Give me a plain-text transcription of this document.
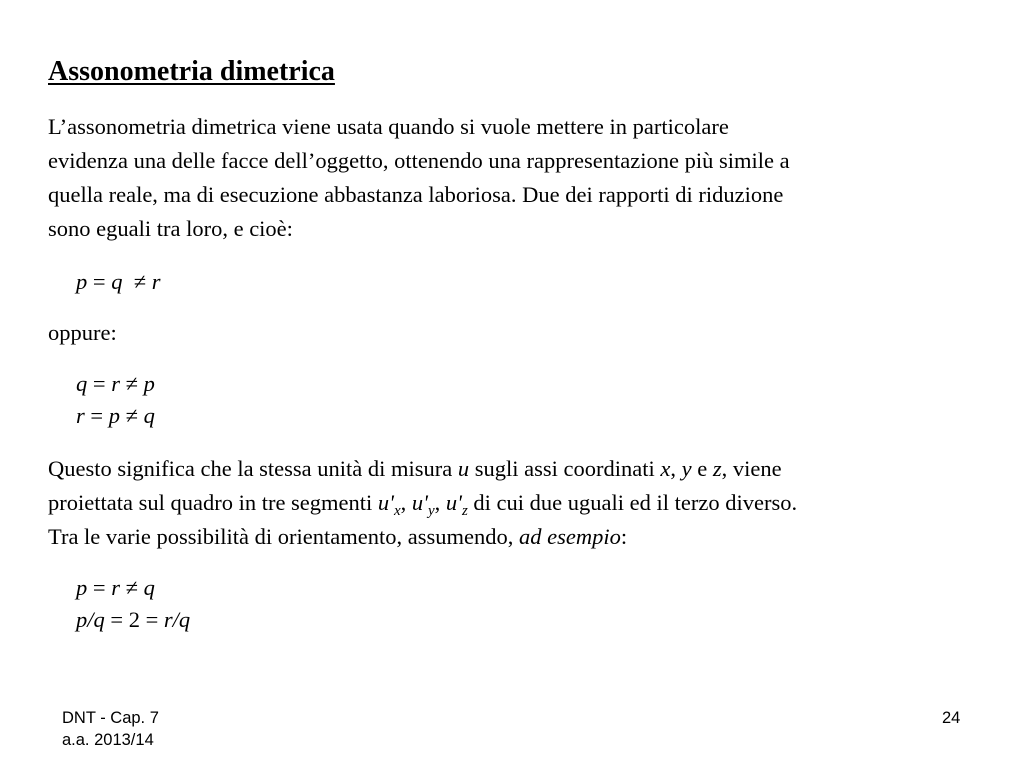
Assonometria dimetrica
L’assonometria dimetrica viene usata quando si vuole mettere in particolare
evidenza una delle facce dell’oggetto, ottenendo una rappresentazione più simile a
quella reale, ma di esecuzione abbastanza laboriosa. Due dei rapporti di riduzione
sono eguali tra loro, e cioè:
p = q  ≠ r
oppure:
q = r ≠ p
r = p ≠ q
Questo significa che la stessa unità di misura u sugli assi coordinati x, y e z, viene
proiettata sul quadro in tre segmenti $u'_x$, $u'_y$, $u'_z$ di cui due uguali ed il terzo diverso.
Tra le varie possibilità di orientamento, assumendo, ad esempio:
p = r ≠ q
p/q = 2 = r/q
DNT - Cap. 7
a.a. 2013/14
24
